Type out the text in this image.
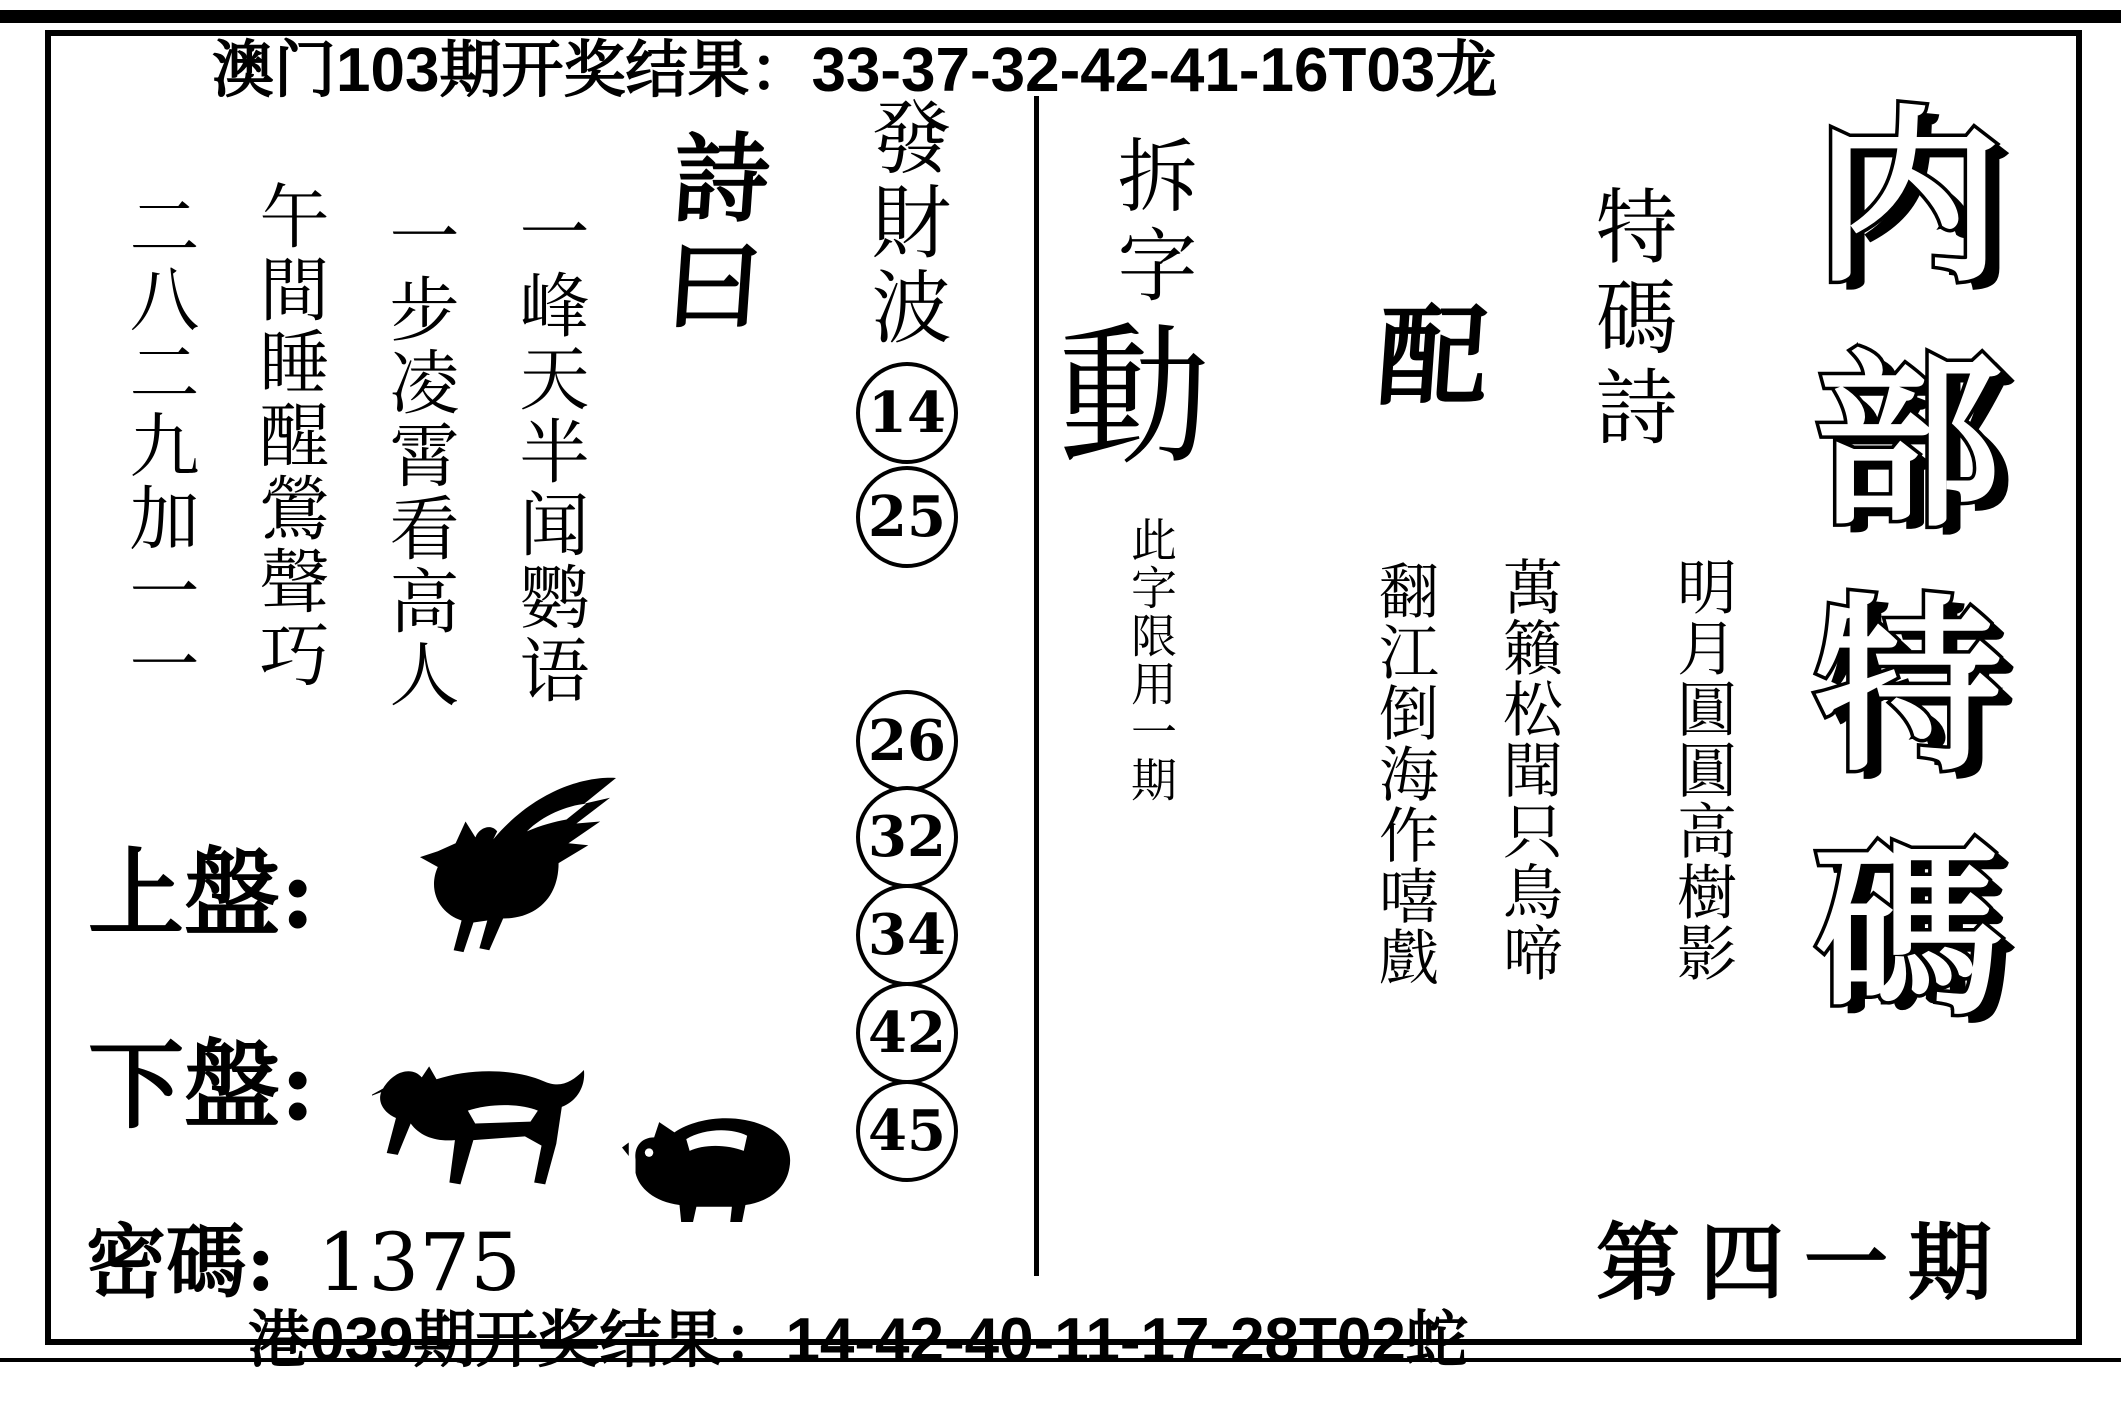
澳门103期开奖结果：33-37-32-42-41-16T03龙
港039期开奖结果：14-42-40-11-17-28T02蛇
詩曰
一峰天半闻鹦语
一步凌霄看高人
午間睡醒鶯聲巧
二八二九加一一	發財波
14
25
26
32
34
42
45
拆字
動
此字限用一期
配 特碼詩
明月圓圓高樹影
萬籟松聞只鳥啼
翻江倒海作嘻戲 内部特碼
第四一期
上盤:
下盤:
密碼: 1375
